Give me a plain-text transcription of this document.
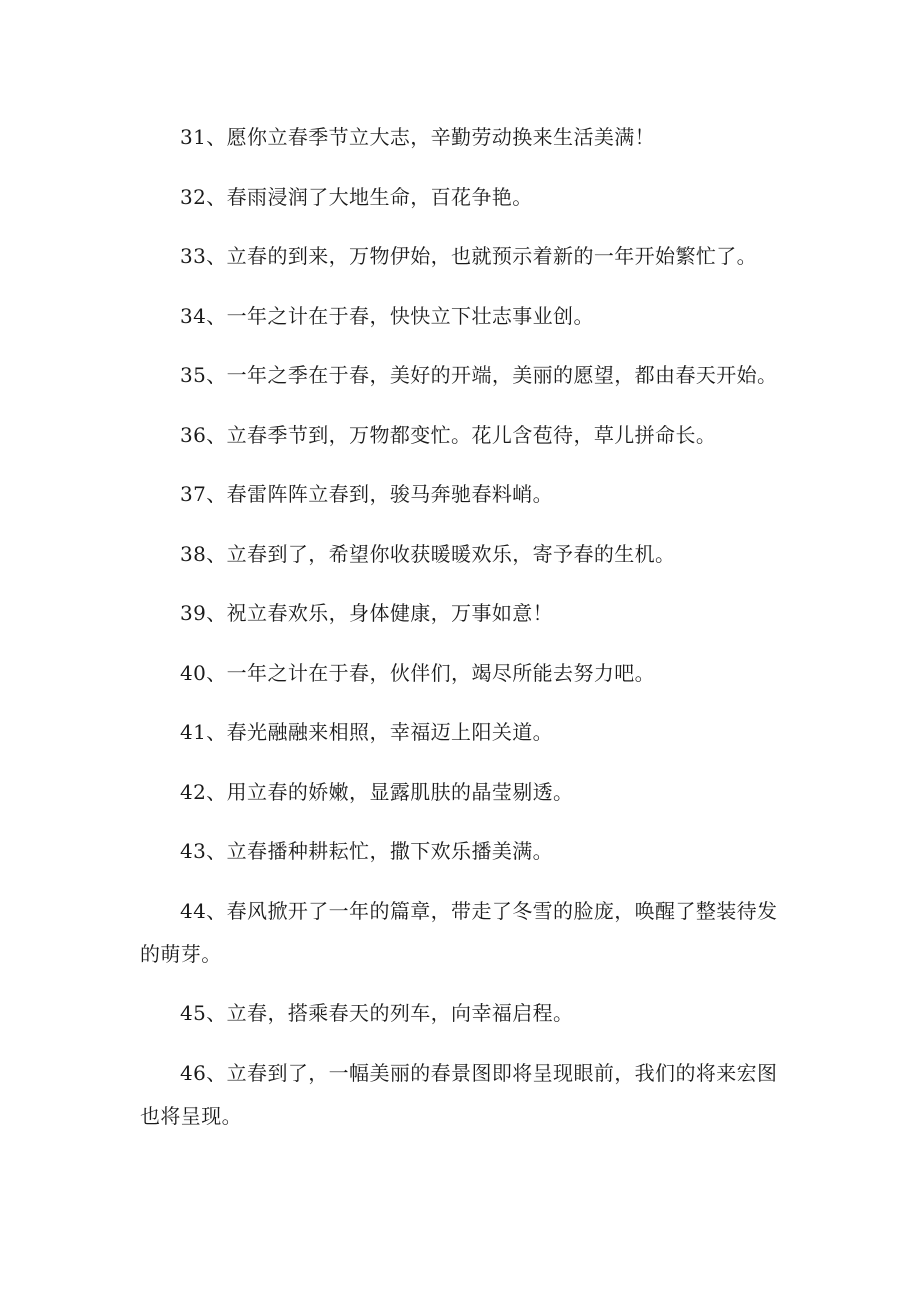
31、愿你立春季节立大志，辛勤劳动换来生活美满！

32、春雨浸润了大地生命，百花争艳。

33、立春的到来，万物伊始，也就预示着新的一年开始繁忙了。

34、一年之计在于春，快快立下壮志事业创。

35、一年之季在于春，美好的开端，美丽的愿望，都由春天开始。

36、立春季节到，万物都变忙。花儿含苞待，草儿拼命长。

37、春雷阵阵立春到，骏马奔驰春料峭。

38、立春到了，希望你收获暖暖欢乐，寄予春的生机。

39、祝立春欢乐，身体健康，万事如意！

40、一年之计在于春，伙伴们，竭尽所能去努力吧。

41、春光融融来相照，幸福迈上阳关道。

42、用立春的娇嫩，显露肌肤的晶莹剔透。

43、立春播种耕耘忙，撒下欢乐播美满。

44、春风掀开了一年的篇章，带走了冬雪的脸庞，唤醒了整装待发的萌芽。

45、立春，搭乘春天的列车，向幸福启程。

46、立春到了，一幅美丽的春景图即将呈现眼前，我们的将来宏图也将呈现。
